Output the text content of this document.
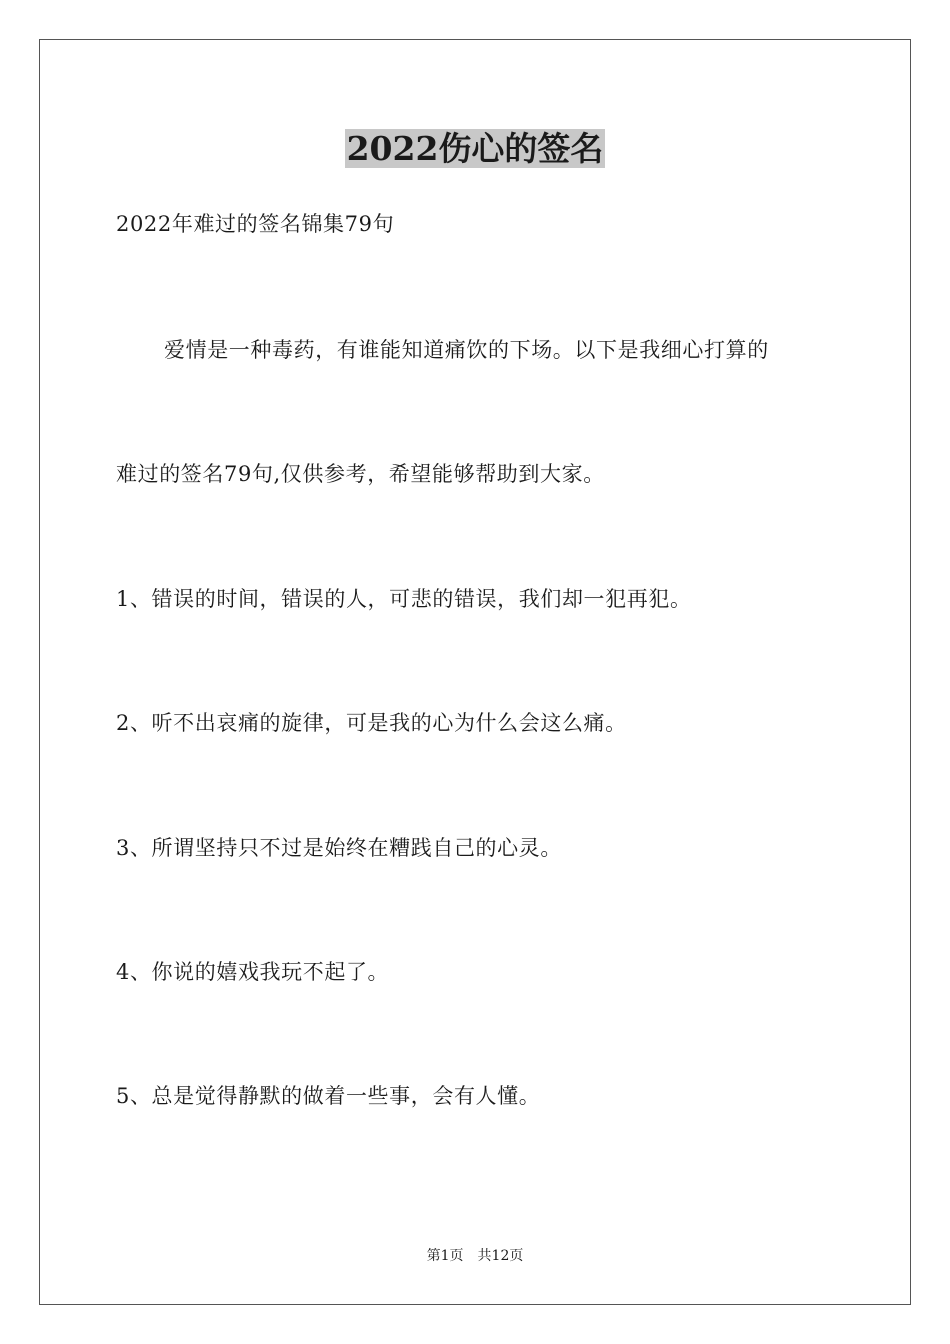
2022伤心的签名
2022年难过的签名锦集79句
爱情是一种毒药，有谁能知道痛饮的下场。以下是我细心打算的
难过的签名79句,仅供参考，希望能够帮助到大家。
1、错误的时间，错误的人，可悲的错误，我们却一犯再犯。
2、听不出哀痛的旋律，可是我的心为什么会这么痛。
3、所谓坚持只不过是始终在糟践自己的心灵。
4、你说的嬉戏我玩不起了。
5、总是觉得静默的做着一些事，会有人懂。
第1页 共12页
